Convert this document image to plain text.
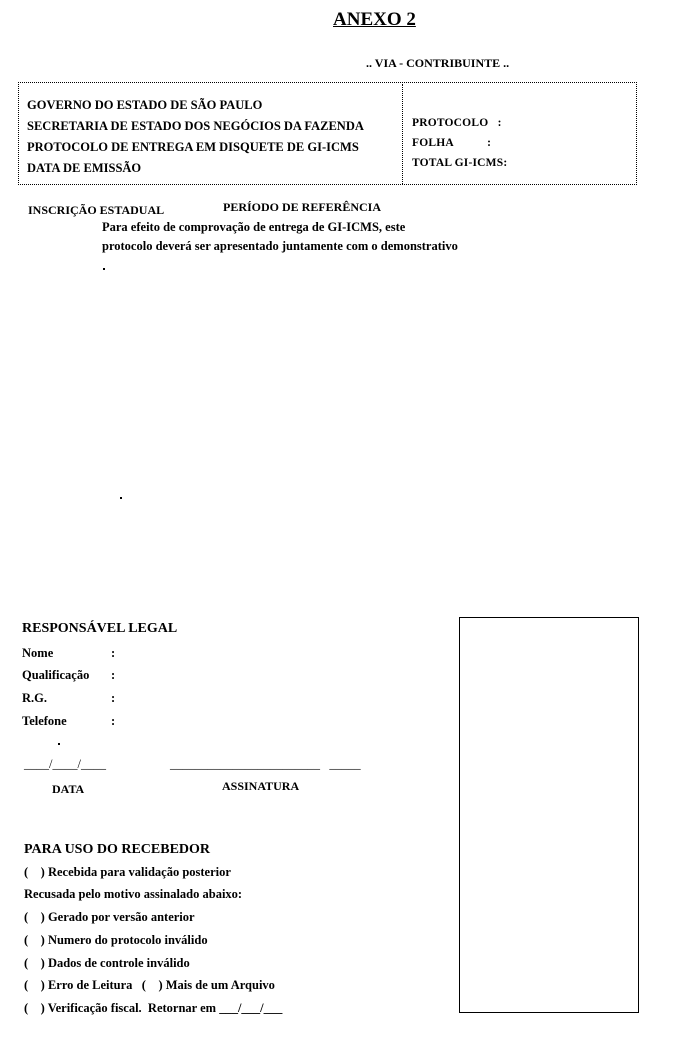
ANEXO 2
.. VIA - CONTRIBUINTE ..
GOVERNO DO ESTADO DE SÃO PAULO
SECRETARIA DE ESTADO DOS NEGÓCIOS DA FAZENDA
PROTOCOLO DE ENTREGA EM DISQUETE DE GI-ICMS
DATA DE EMISSÃO
PROTOCOLO   :
FOLHA           :
TOTAL GI-ICMS:
INSCRIÇÃO ESTADUAL	PERÍODO DE REFERÊNCIA
Para efeito de comprovação de entrega de GI-ICMS, este
protocolo deverá ser apresentado juntamente com o demonstrativo
RESPONSÁVEL LEGAL
Nome	:
Qualificação :
R.G.	:
Telefone	:
____/____/____	________________________   _____
DATA	ASSINATURA
PARA USO DO RECEBEDOR
(    ) Recebida para validação posterior
Recusada pelo motivo assinalado abaixo:
(    ) Gerado por versão anterior
(    ) Numero do protocolo inválido
(    ) Dados de controle inválido
(    ) Erro de Leitura   (    ) Mais de um Arquivo
(    ) Verificação fiscal.  Retornar em ___/___/___
